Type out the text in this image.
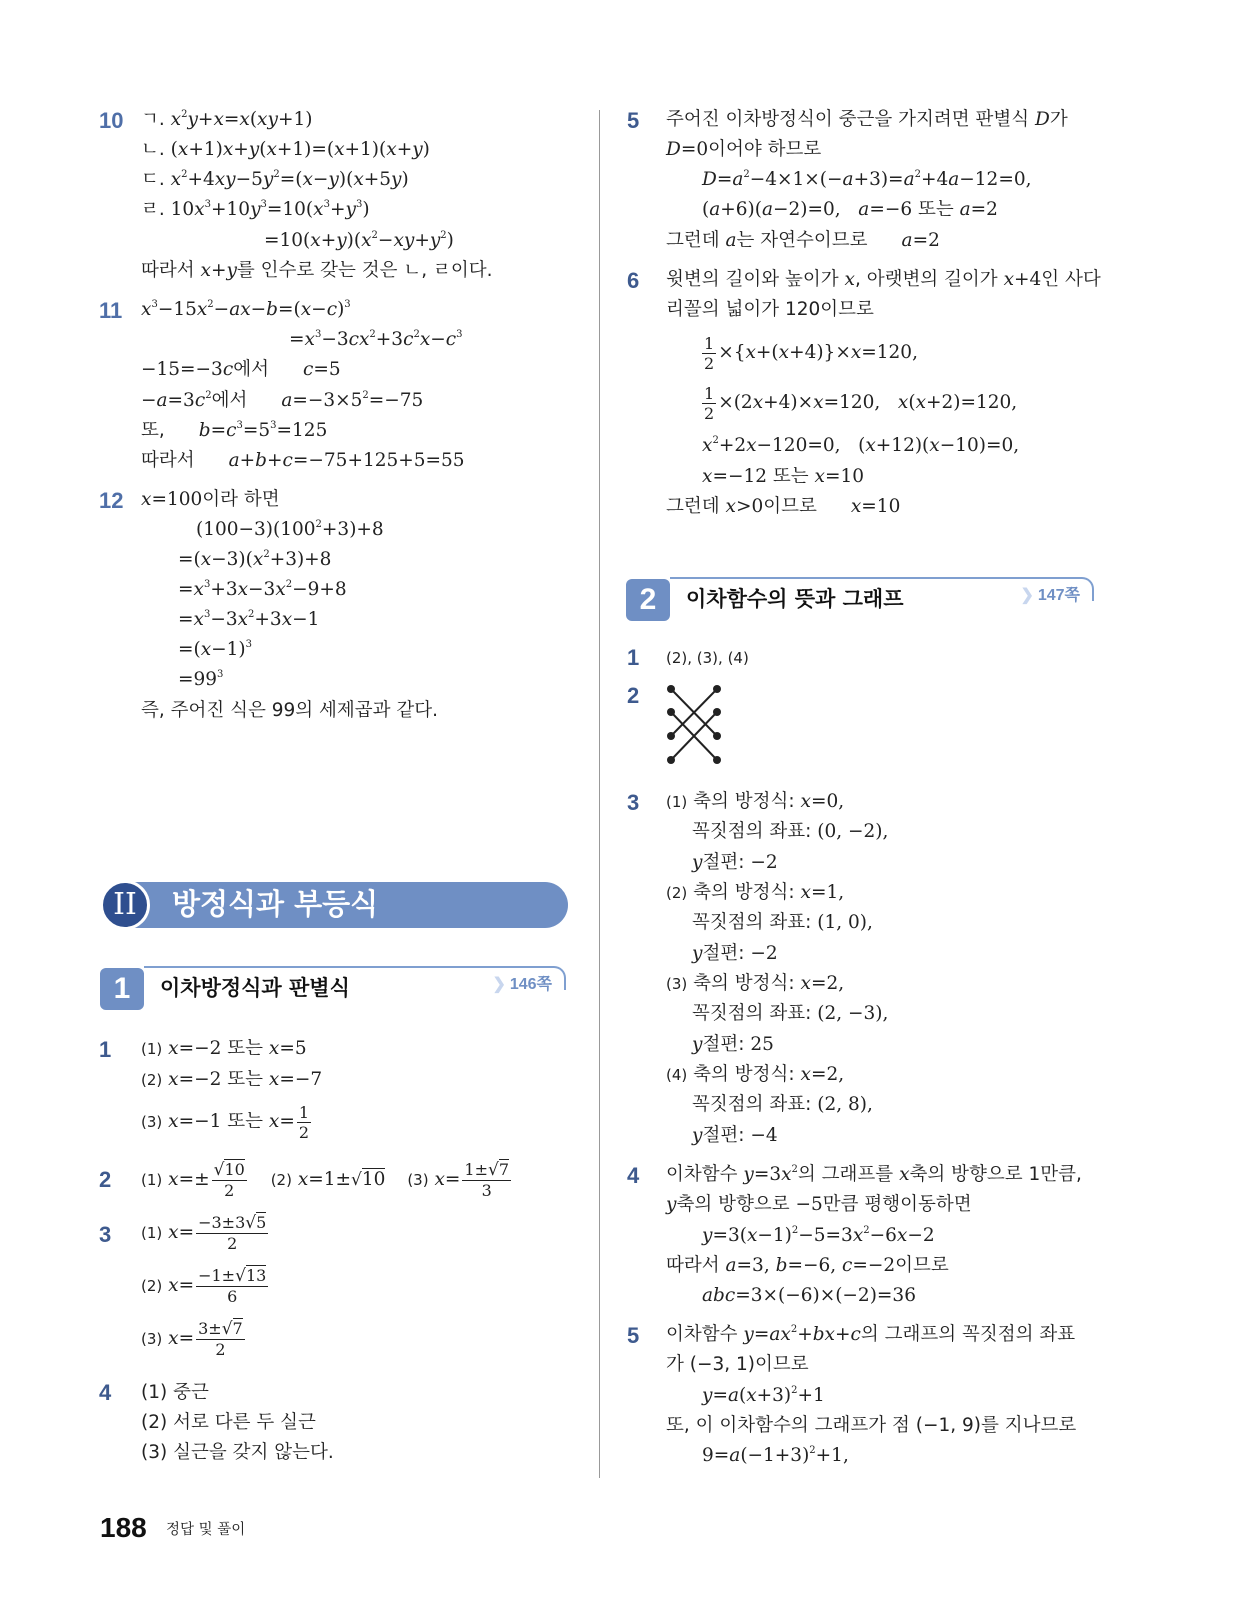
10 ㄱ. $x^2y+x=x(xy+1)$
ㄴ. (x+1)x+y(x+1)=(x+1)(x+y)
ㄷ. $x^2+4xy-5y^2=(x-y)(x+5y)$
ㄹ. $10x^3+10y^3=10(x^3+y^3)$
$=10(x+y)(x^2-xy+y^2)$
따라서 x+y를 인수로 갖는 것은 ㄴ, ㄹ이다.
11 $x^3-15x^2-ax-b=(x-c)^3$
$=x^3-3cx^2+3c^2x-c^3$
−15=−3c에서 c=5
$-a=3c^2$에서 $a=-3\times 5^2=-75$
또, $b=c^3=5^3=125$
따라서 a+b+c=−75+125+5=55
12 x=100이라 하면
$(100-3)(100^2+3)+8$
$=(x-3)(x^2+3)+8$
$=x^3+3x-3x^2-9+8$
$=x^3-3x^2+3x-1$
$=(x-1)^3$
$=99^3$
즉, 주어진 식은 99의 세제곱과 같다.
II	방정식과 부등식
1	이차방정식과 판별식	❯ 146쪽
1 (1) x=−2 또는 x=5
(2) x=−2 또는 x=−7
(3) x=−1 또는 $x= \frac{1}{2}$
2 (1) $x=\pm \frac{√10}{2} (2)$ x=1±√10 (3) $x= \frac{1\pm√7}{3}$
3 (1) $x= \frac{-3\pm 3√5}{2}$
(2) $x= \frac{-1\pm√13}{6}$
(3) $x= \frac{3\pm√7}{2}$
4 (1) 중근
(2) 서로 다른 두 실근
(3) 실근을 갖지 않는다.
5 주어진 이차방정식이 중근을 가지려면 판별식 D가
D=0이어야 하므로
$D=a^2-4\times 1\times(-a+3)=a^2+4a-12=0$,
(a+6)(a−2)=0,   a=−6 또는 a=2
그런데 a는 자연수이므로 a=2
6 윗변의 길이와 높이가 x, 아랫변의 길이가 x+4인 사다
리꼴의 넓이가 120이므로
$\frac{1}{2} \times\{x+(x+4)\}\times x=120$,
$\frac{1}{2} \times(2x+4)\times x=120$,   x(x+2)=120,
$x^2+2x-120=0$,   (x+12)(x−10)=0,
x=−12 또는 x=10
그런데 x>0이므로 x=10
2	이차함수의 뜻과 그래프	❯ 147쪽
1 (2), (3), (4)
2
3 (1) 축의 방정식: x=0,
꼭짓점의 좌표: (0, −2),
y절편: −2
(2) 축의 방정식: x=1,
꼭짓점의 좌표: (1, 0),
y절편: −2
(3) 축의 방정식: x=2,
꼭짓점의 좌표: (2, −3),
y절편: 25
(4) 축의 방정식: x=2,
꼭짓점의 좌표: (2, 8),
y절편: −4
4 이차함수 $y=3x^2$의 그래프를 x축의 방향으로 1만큼,
y축의 방향으로 −5만큼 평행이동하면
$y=3(x-1)^2-5=3x^2-6x-2$
따라서 a=3, b=−6, c=−2이므로
abc=3×(−6)×(−2)=36
5 이차함수 $y=ax^2+bx+c$의 그래프의 꼭짓점의 좌표
가 (−3, 1)이므로
$y=a(x+3)^2+1$
또, 이 이차함수의 그래프가 점 (−1, 9)를 지나므로
$9=a(-1+3)^2+1$,
188 정답 및 풀이
